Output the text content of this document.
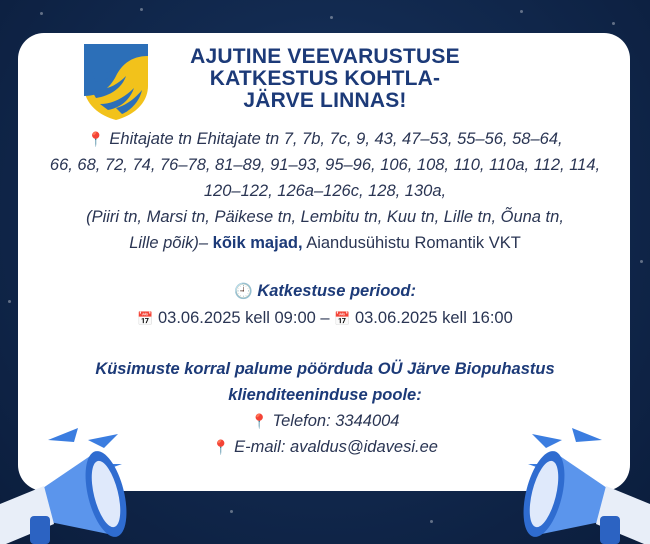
AJUTINE VEEVARUSTUSE
KATKESTUS KOHTLA-
JÄRVE LINNAS!
📍 Ehitajate tn Ehitajate tn 7, 7b, 7c, 9, 43, 47–53, 55–56, 58–64,
66, 68, 72, 74, 76–78, 81–89, 91–93, 95–96, 106, 108, 110, 110a, 112, 114,
120–122, 126a–126c, 128, 130a,
(Piiri tn, Marsi tn, Päikese tn, Lembitu tn, Kuu tn, Lille tn, Õuna tn,
Lille põik)– kõik majad, Aiandusühistu Romantik VKT
🕘 Katkestuse periood:
📅 03.06.2025 kell 09:00 – 📅 03.06.2025 kell 16:00
Küsimuste korral palume pöörduda OÜ Järve Biopuhastus
klienditeeninduse poole:
📍 Telefon: 3344004
📍 E-mail: avaldus@idavesi.ee
